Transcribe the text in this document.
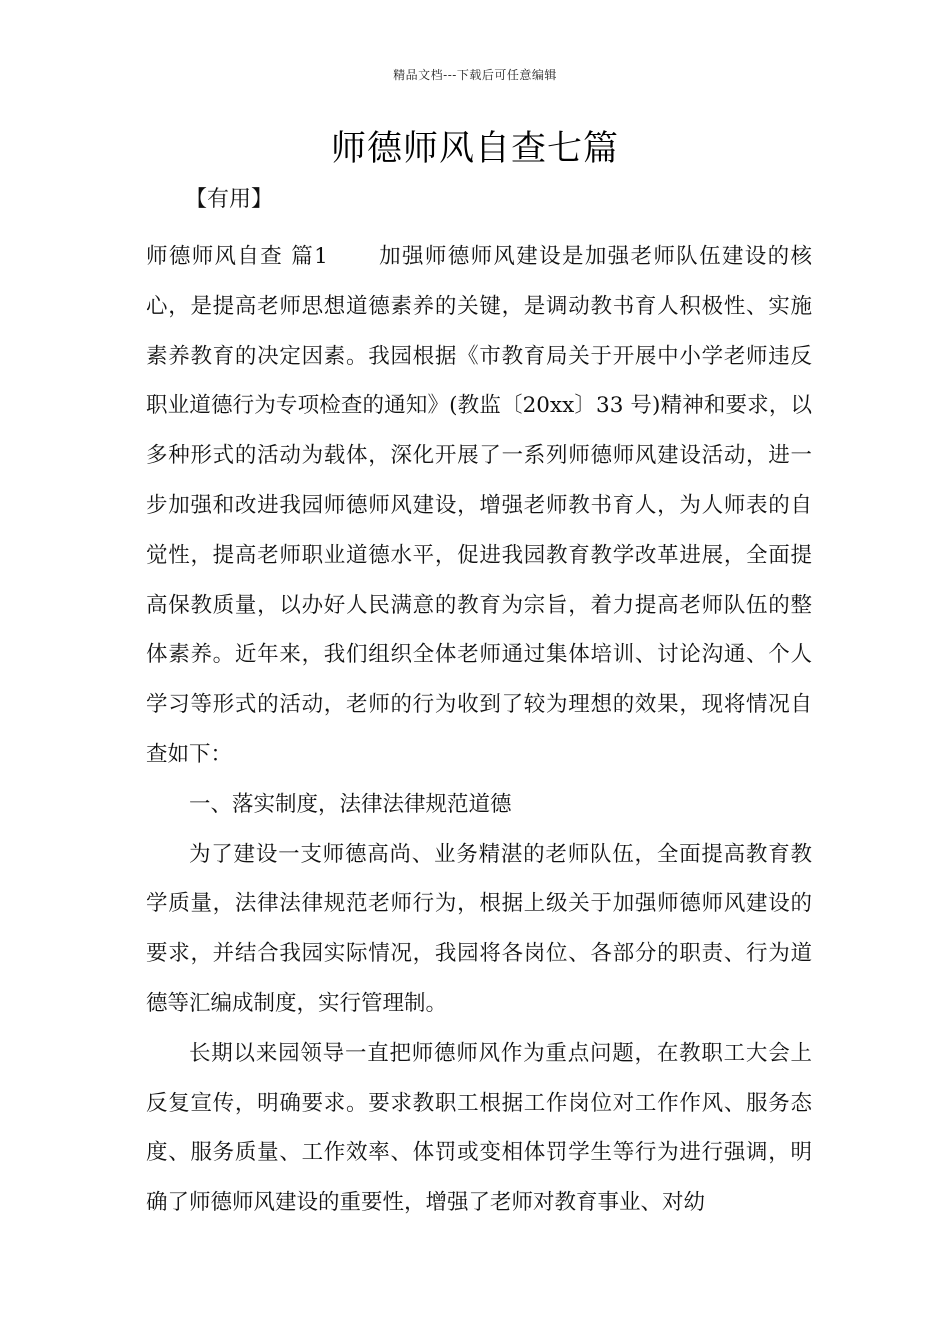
精品文档---下载后可任意编辑
师德师风自查七篇
【有用】

师德师风自查 篇1 加强师德师风建设是加强老师队伍建设的核心，是提高老师思想道德素养的关键，是调动教书育人积极性、实施素养教育的决定因素。我园根据《市教育局关于开展中小学老师违反职业道德行为专项检查的通知》(教监〔20xx〕33 号)精神和要求，以多种形式的活动为载体，深化开展了一系列师德师风建设活动，进一步加强和改进我园师德师风建设，增强老师教书育人，为人师表的自觉性，提高老师职业道德水平，促进我园教育教学改革进展，全面提高保教质量，以办好人民满意的教育为宗旨，着力提高老师队伍的整体素养。近年来，我们组织全体老师通过集体培训、讨论沟通、个人学习等形式的活动，老师的行为收到了较为理想的效果，现将情况自查如下：

一、落实制度，法律法律规范道德

为了建设一支师德高尚、业务精湛的老师队伍，全面提高教育教学质量，法律法律规范老师行为，根据上级关于加强师德师风建设的要求，并结合我园实际情况，我园将各岗位、各部分的职责、行为道德等汇编成制度，实行管理制。

长期以来园领导一直把师德师风作为重点问题，在教职工大会上反复宣传，明确要求。要求教职工根据工作岗位对工作作风、服务态度、服务质量、工作效率、体罚或变相体罚学生等行为进行强调，明确了师德师风建设的重要性，增强了老师对教育事业、对幼
